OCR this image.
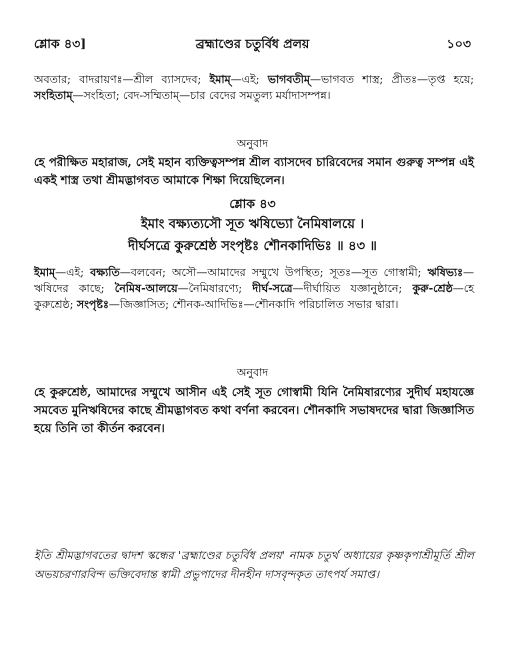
শ্লোক ৪৩]	ব্রহ্মাণ্ডের চতুর্বিধ প্রলয়	১০৩
অবতার; বাদরায়ণঃ—শ্রীল ব্যাসদেব; ইমাম্—এই; ভাগবতীম্—ভাগবত শাস্ত্র; প্রীতঃ—তৃপ্ত হয়ে; সংহিতাম্—সংহিতা; বেদ-সম্মিতাম্—চার বেদের সমতুল্য মর্যাদাসম্পন্ন।
অনুবাদ
হে পরীক্ষিত মহারাজ, সেই মহান ব্যক্তিত্বসম্পন্ন শ্রীল ব্যাসদেব চারিবেদের সমান গুরুত্ব সম্পন্ন এই একই শাস্ত্র তথা শ্রীমদ্ভাগবত আমাকে শিক্ষা দিয়েছিলেন।
শ্লোক ৪৩
ইমাং বক্ষ্যত্যসৌ সূত ঋষিভ্যো নৈমিষালয়ে ।
দীর্ঘসত্রে কুরুশ্রেষ্ঠ সংপৃষ্টঃ শৌনকাদিভিঃ ॥ ৪৩ ॥
ইমাম্—এই; বক্ষ্যতি—বলবেন; অসৌ—আমাদের সম্মুখে উপস্থিত; সূতঃ—সূত গোস্বামী; ঋষিভ্যঃ—ঋষিদের কাছে; নৈমিষ-আলয়ে—নৈমিষারণ্যে; দীর্ঘ-সত্রে—দীর্ঘায়িত যজ্ঞানুষ্ঠানে; কুরু-শ্রেষ্ঠ—হে কুরুশ্রেষ্ঠ; সংপৃষ্টঃ—জিজ্ঞাসিত; শৌনক-আদিভিঃ—শৌনকাদি পরিচালিত সভার দ্বারা।
অনুবাদ
হে কুরুশ্রেষ্ঠ, আমাদের সম্মুখে আসীন এই সেই সূত গোস্বামী যিনি নৈমিষারণ্যের সুদীর্ঘ মহাযজ্ঞে সমবেত মুনিঋষিদের কাছে শ্রীমদ্ভাগবত কথা বর্ণনা করবেন। শৌনকাদি সভাষদদের দ্বারা জিজ্ঞাসিত হয়ে তিনি তা কীর্তন করবেন।
ইতি শ্রীমদ্ভাগবতের দ্বাদশ স্কন্ধের 'ব্রহ্মাণ্ডের চতুর্বিধ প্রলয়' নামক চতুর্থ অধ্যায়ের কৃষ্ণকৃপাশ্রীমূর্তি শ্রীল অভয়চরণারবিন্দ ভক্তিবেদান্ত স্বামী প্রভুপাদের দীনহীন দাসবৃন্দকৃত তাৎপর্য সমাপ্ত।
